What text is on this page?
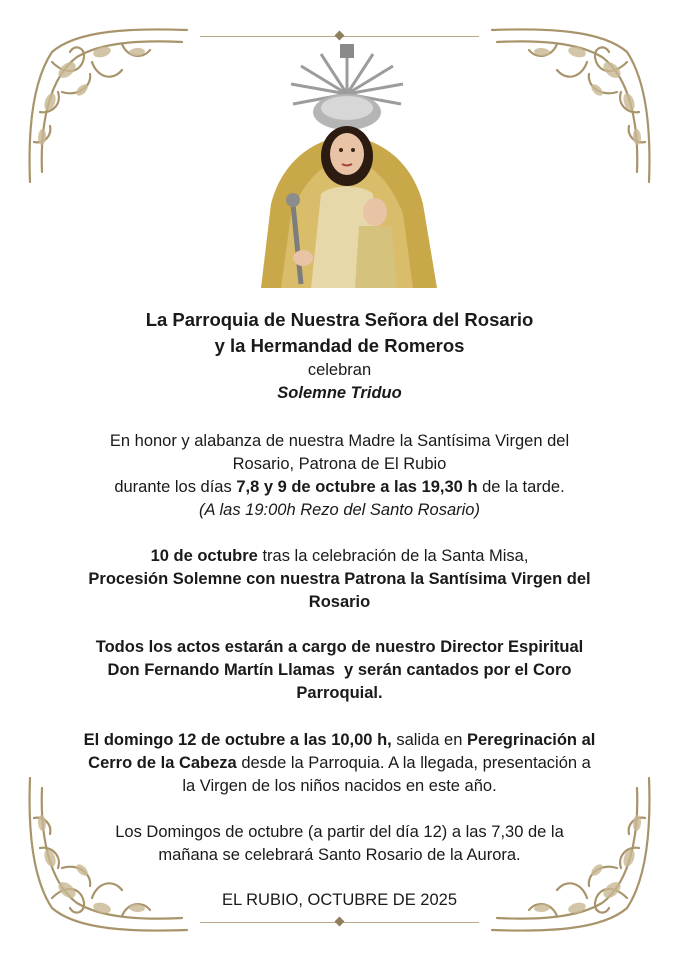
La Parroquia de Nuestra Señora del Rosario

y la Hermandad de Romeros

celebran

Solemne Triduo

En honor y alabanza de nuestra Madre la Santísima Virgen del

Rosario, Patrona de El Rubio

durante los días 7,8 y 9 de octubre a las 19,30 h de la tarde.

(A las 19:00h Rezo del Santo Rosario)

10 de octubre tras la celebración de la Santa Misa,

Procesión Solemne con nuestra Patrona la Santísima Virgen del

Rosario

Todos los actos estarán a cargo de nuestro Director Espiritual

Don Fernando Martín Llamas  y serán cantados por el Coro

Parroquial.

El domingo 12 de octubre a las 10,00 h, salida en Peregrinación al

Cerro de la Cabeza desde la Parroquia. A la llegada, presentación a

la Virgen de los niños nacidos en este año.

Los Domingos de octubre (a partir del día 12) a las 7,30 de la

mañana se celebrará Santo Rosario de la Aurora.

EL RUBIO, OCTUBRE DE 2025
